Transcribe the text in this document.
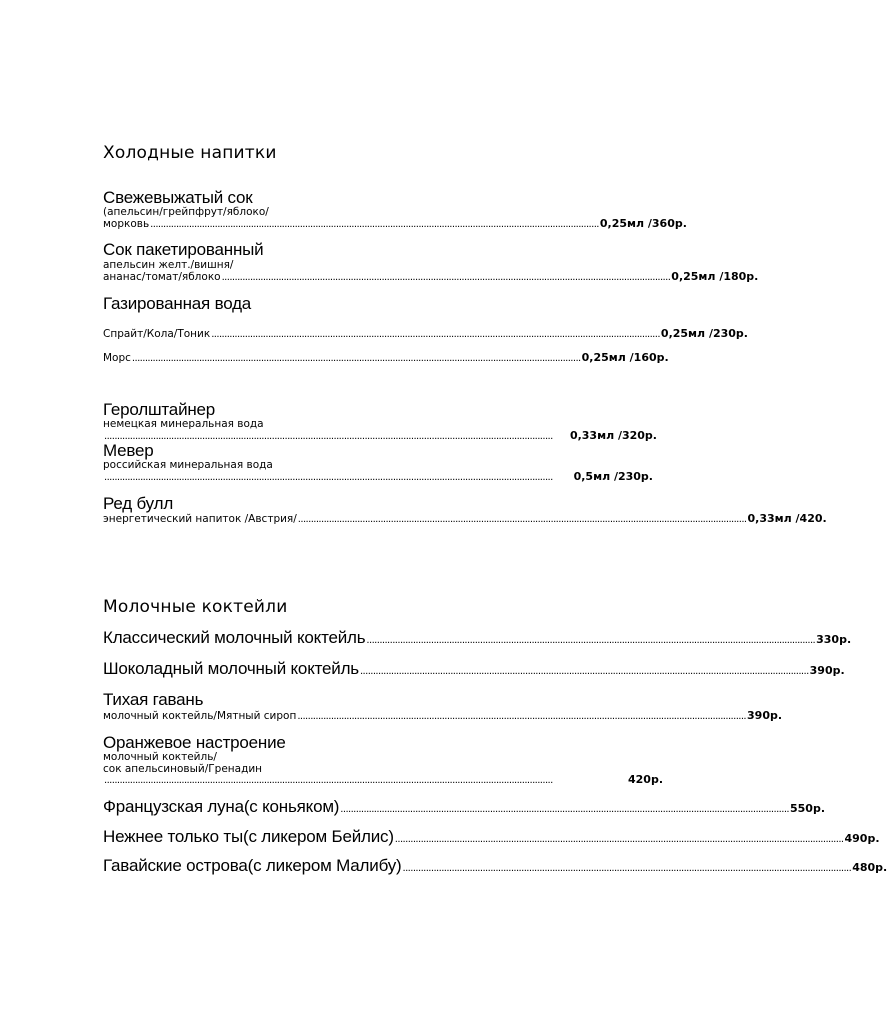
Холодные напитки
Свежевыжатый сок
(апельсин/грейпфрут/яблоко/
морковь .............................................................................................................................................................................. 0,25мл /360р.
Сок пакетированный
апельсин желт./вишня/
ананас/томат/яблоко .............................................................................................................................................................................. 0,25мл /180р.
Газированная вода
Спрайт/Кола/Тоник .............................................................................................................................................................................. 0,25мл /230р.
Морс .............................................................................................................................................................................. 0,25мл /160р.
Геролштайнер
немецкая минеральная вода
..............................................................................................................................................................................	0,33мл /320р.
Мевер
российская минеральная вода
..............................................................................................................................................................................	0,5мл /230р.
Ред булл
энергетический напиток /Австрия/ .............................................................................................................................................................................. 0,33мл /420.
Молочные коктейли
Классический молочный коктейль .............................................................................................................................................................................. 330р.
Шоколадный молочный коктейль .............................................................................................................................................................................. 390р.
Тихая гавань
молочный коктейль/Мятный сироп .............................................................................................................................................................................. 390р.
Оранжевое настроение
молочный коктейль/
сок апельсиновый/Гренадин
..............................................................................................................................................................................	420р.
Французская луна(с коньяком) .............................................................................................................................................................................. 550р.
Нежнее только ты(с ликером Бейлис) .............................................................................................................................................................................. 490р.
Гавайские острова(с ликером Малибу) .............................................................................................................................................................................. 480р.
